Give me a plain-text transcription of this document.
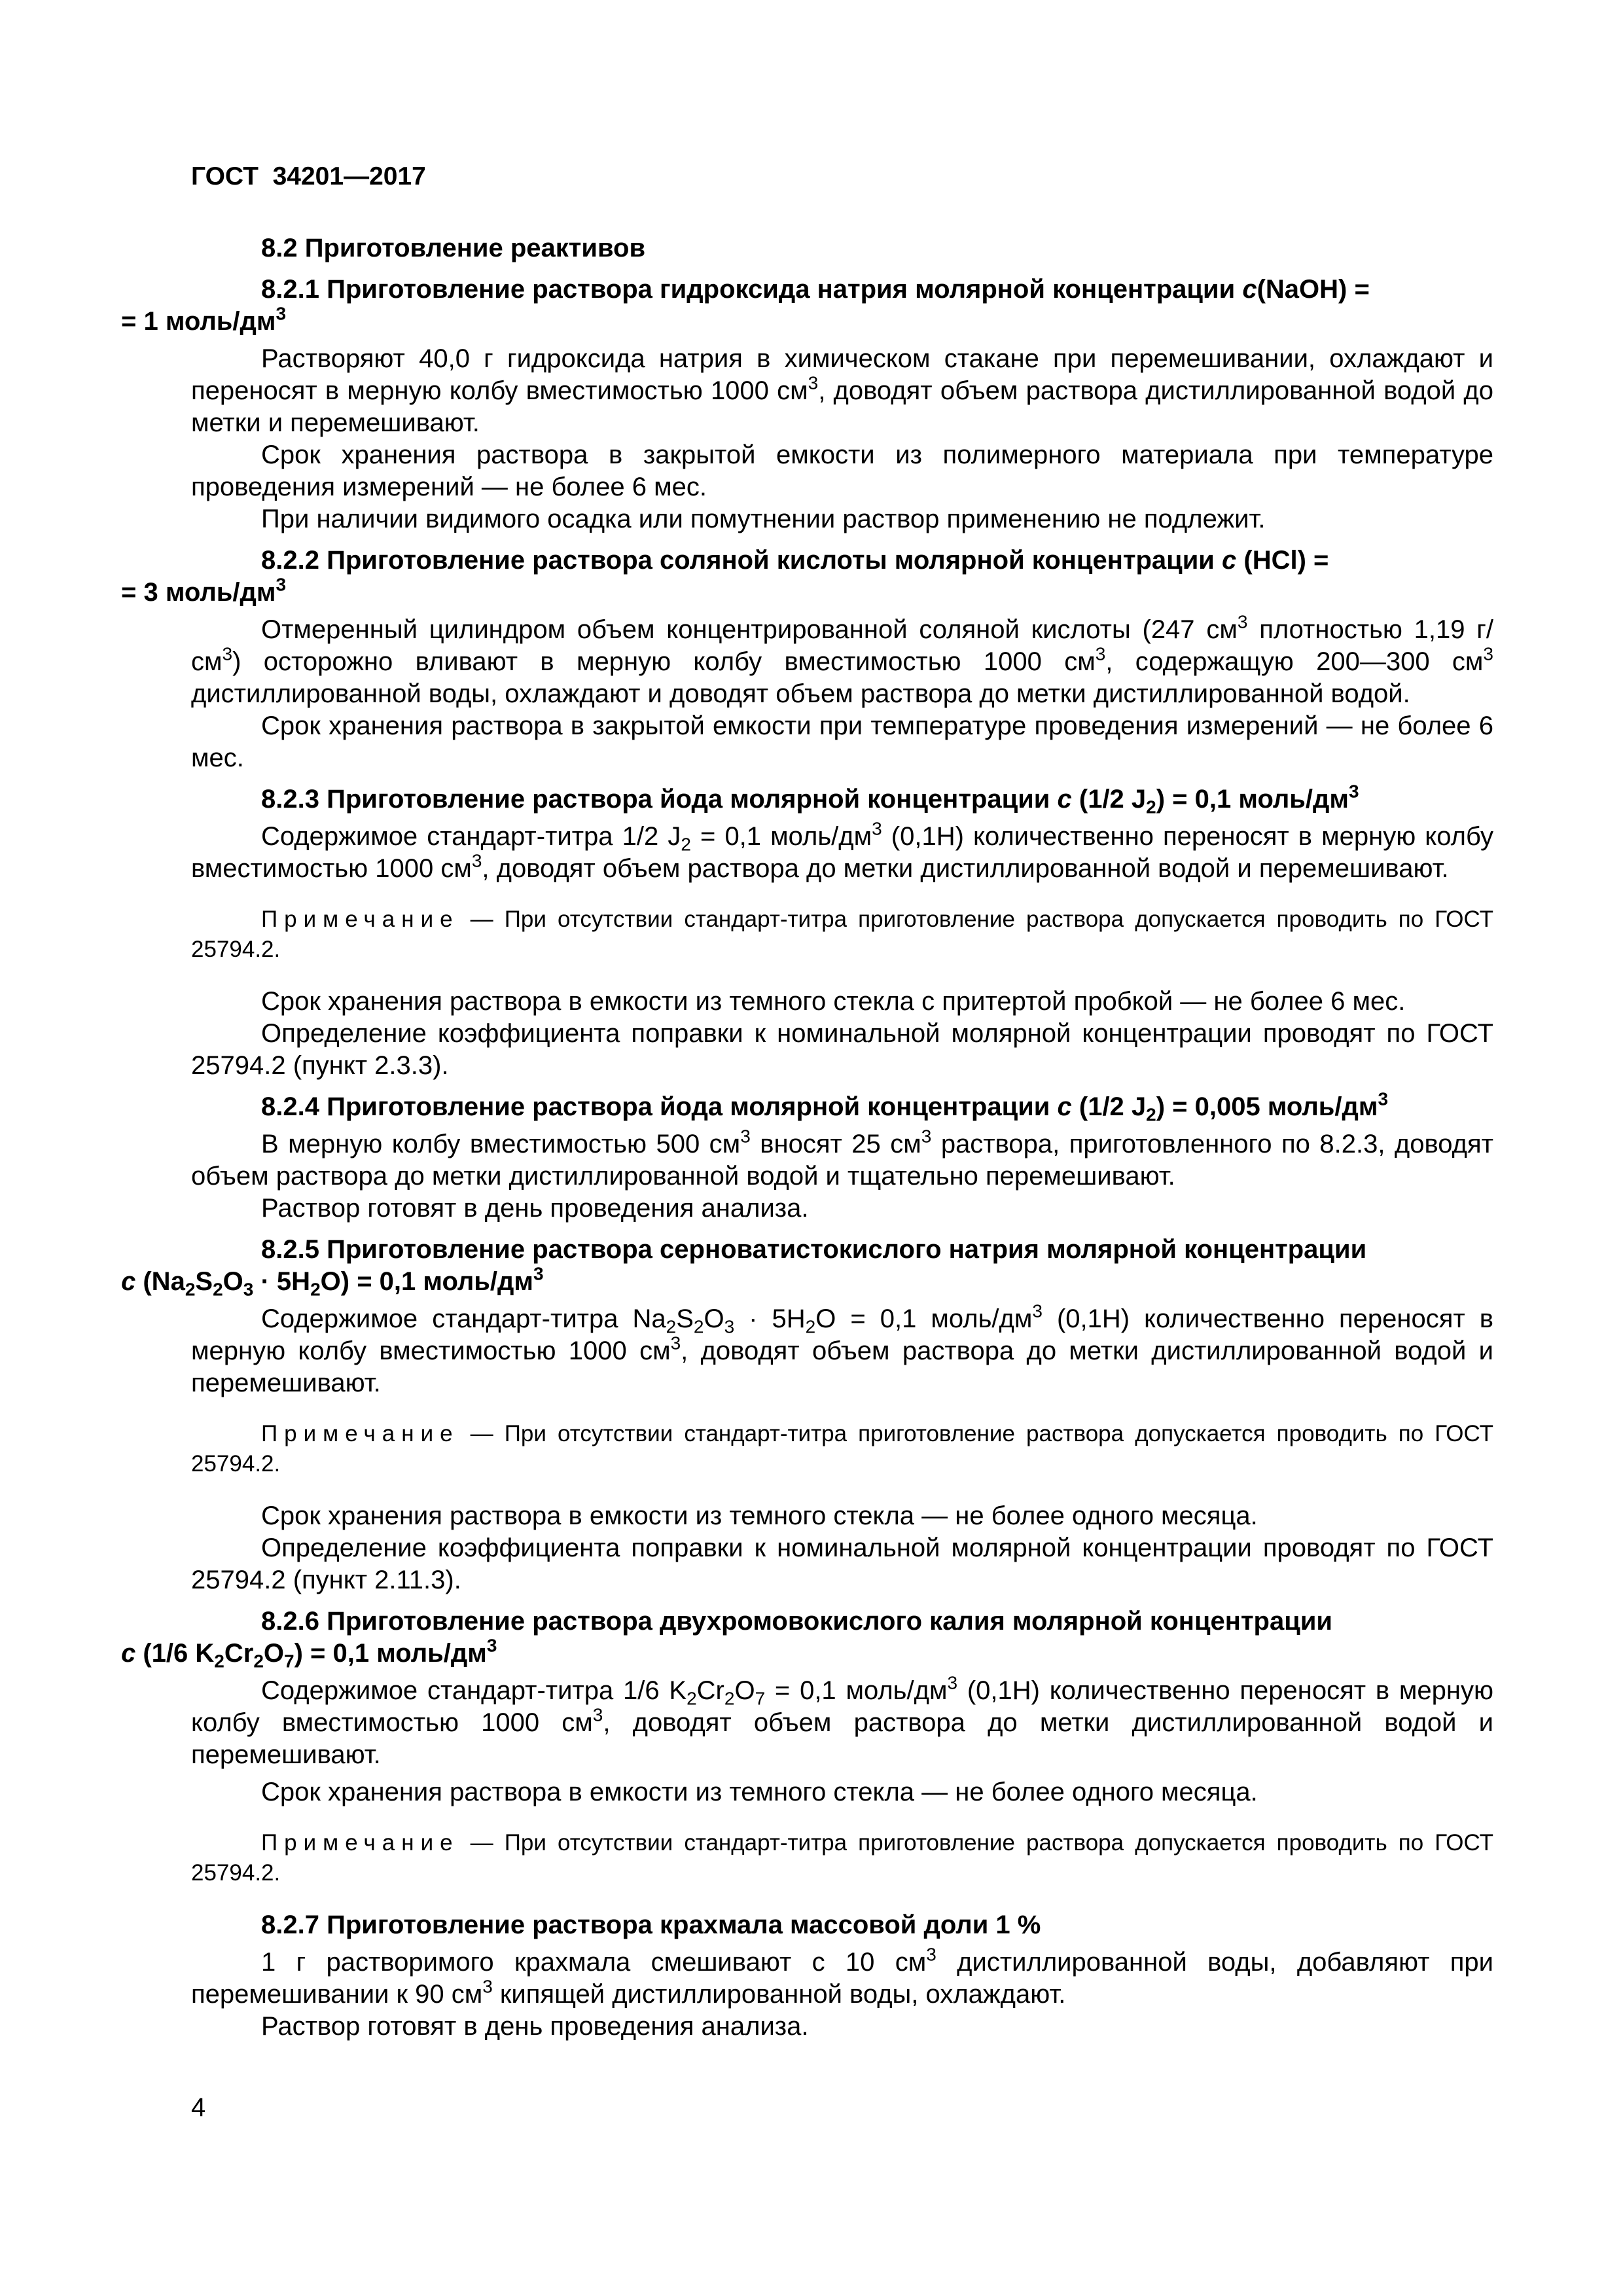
ГОСТ  34201—2017
8.2 Приготовление реактивов
8.2.1 Приготовление раствора гидроксида натрия молярной концентрации c(NaOH) =
= 1 моль/$дм^3$

Растворяют 40,0 г гидроксида натрия в химическом стакане при перемешивании, охлаждают и переносят в мерную колбу вместимостью 1000 $см^3$, доводят объем раствора дистиллированной водой до метки и перемешивают.

Срок хранения раствора в закрытой емкости из полимерного материала при температуре проведения измерений — не более 6 мес.

При наличии видимого осадка или помутнении раствор применению не подлежит.

8.2.2 Приготовление раствора соляной кислоты молярной концентрации c (HCl) =
= 3 моль/$дм^3$

Отмеренный цилиндром объем концентрированной соляной кислоты (247 $см^3$ плотностью 1,19 $г/см^3$) осторожно вливают в мерную колбу вместимостью 1000 $см^3$, содержащую 200—300 $см^3$ дистиллированной воды, охлаждают и доводят объем раствора до метки дистиллированной водой.

Срок хранения раствора в закрытой емкости при температуре проведения измерений — не более 6 мес.

8.2.3 Приготовление раствора йода молярной концентрации c (1/2 $J_2) = 0,1$ моль/$дм^3$

Содержимое стандарт-титра 1/2 $J_2 = 0,1$ моль/$дм^3$ (0,1Н) количественно переносят в мерную колбу вместимостью 1000 $см^3$, доводят объем раствора до метки дистиллированной водой и перемешивают.

Примечание — При отсутствии стандарт-титра приготовление раствора допускается проводить по ГОСТ 25794.2.

Срок хранения раствора в емкости из темного стекла с притертой пробкой — не более 6 мес.

Определение коэффициента поправки к номинальной молярной концентрации проводят по ГОСТ 25794.2 (пункт 2.3.3).

8.2.4 Приготовление раствора йода молярной концентрации c (1/2 $J_2) = 0,005$ моль/$дм^3$

В мерную колбу вместимостью 500 $см^3$ вносят 25 $см^3$ раствора, приготовленного по 8.2.3, доводят объем раствора до метки дистиллированной водой и тщательно перемешивают.

Раствор готовят в день проведения анализа.

8.2.5 Приготовление раствора серноватистокислого натрия молярной концентрации
c $(Na_2S_2O_3 \cdot 5H_2O) = 0,1$ моль/$дм^3$

Содержимое стандарт-титра $Na_2S_2O_3 \cdot 5H_2O = 0,1$ моль/$дм^3$ (0,1Н) количественно переносят в мерную колбу вместимостью 1000 $см^3$, доводят объем раствора до метки дистиллированной водой и перемешивают.

Примечание — При отсутствии стандарт-титра приготовление раствора допускается проводить по ГОСТ 25794.2.

Срок хранения раствора в емкости из темного стекла — не более одного месяца.

Определение коэффициента поправки к номинальной молярной концентрации проводят по ГОСТ 25794.2 (пункт 2.11.3).

8.2.6 Приготовление раствора двухромовокислого калия молярной концентрации
c (1/6 $K_2Cr_2O_7) = 0,1$ моль/$дм^3$

Содержимое стандарт-титра 1/6 $K_2Cr_2O_7 = 0,1$ моль/$дм^3$ (0,1Н) количественно переносят в мерную колбу вместимостью 1000 $см^3$, доводят объем раствора до метки дистиллированной водой и перемешивают.

Срок хранения раствора в емкости из темного стекла — не более одного месяца.

Примечание — При отсутствии стандарт-титра приготовление раствора допускается проводить по ГОСТ 25794.2.

8.2.7 Приготовление раствора крахмала массовой доли 1 %

1 г растворимого крахмала смешивают с 10 $см^3$ дистиллированной воды, добавляют при перемешивании к 90 $см^3$ кипящей дистиллированной воды, охлаждают.

Раствор готовят в день проведения анализа.

4
